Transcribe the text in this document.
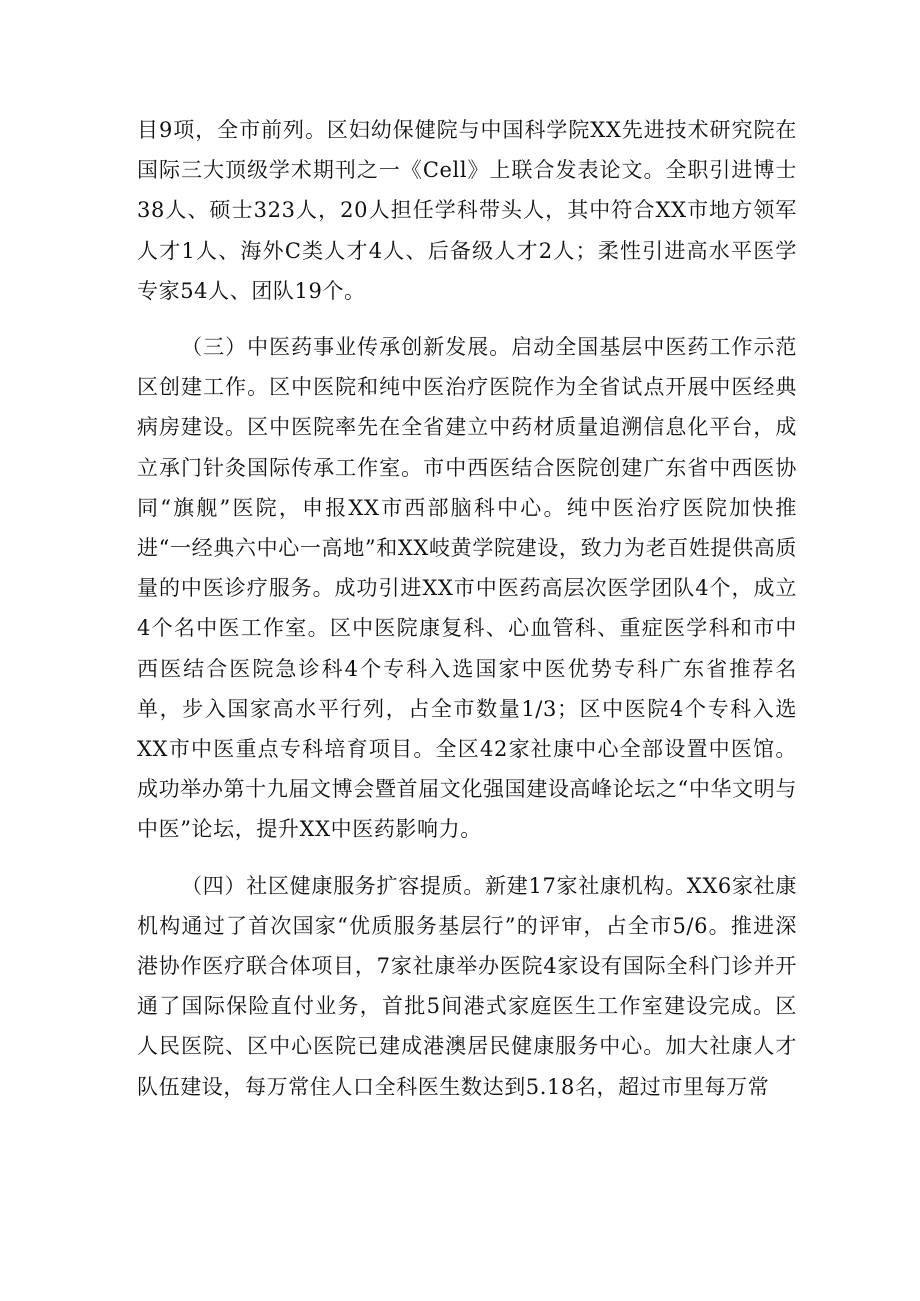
目9项，全市前列。区妇幼保健院与中国科学院XX先进技术研究院在国际三大顶级学术期刊之一《Cell》上联合发表论文。全职引进博士38人、硕士323人，20人担任学科带头人，其中符合XX市地方领军人才1人、海外C类人才4人、后备级人才2人；柔性引进高水平医学专家54人、团队19个。

（三）中医药事业传承创新发展。启动全国基层中医药工作示范区创建工作。区中医院和纯中医治疗医院作为全省试点开展中医经典病房建设。区中医院率先在全省建立中药材质量追溯信息化平台，成立承门针灸国际传承工作室。市中西医结合医院创建广东省中西医协同“旗舰”医院，申报XX市西部脑科中心。纯中医治疗医院加快推进“一经典六中心一高地”和XX岐黄学院建设，致力为老百姓提供高质量的中医诊疗服务。成功引进XX市中医药高层次医学团队4个，成立4个名中医工作室。区中医院康复科、心血管科、重症医学科和市中西医结合医院急诊科4个专科入选国家中医优势专科广东省推荐名单，步入国家高水平行列，占全市数量1/3；区中医院4个专科入选XX市中医重点专科培育项目。全区42家社康中心全部设置中医馆。成功举办第十九届文博会暨首届文化强国建设高峰论坛之“中华文明与中医”论坛，提升XX中医药影响力。

（四）社区健康服务扩容提质。新建17家社康机构。XX6家社康机构通过了首次国家“优质服务基层行”的评审，占全市5/6。推进深港协作医疗联合体项目，7家社康举办医院4家设有国际全科门诊并开通了国际保险直付业务，首批5间港式家庭医生工作室建设完成。区人民医院、区中心医院已建成港澳居民健康服务中心。加大社康人才队伍建设，每万常住人口全科医生数达到5.18名，超过市里每万常
